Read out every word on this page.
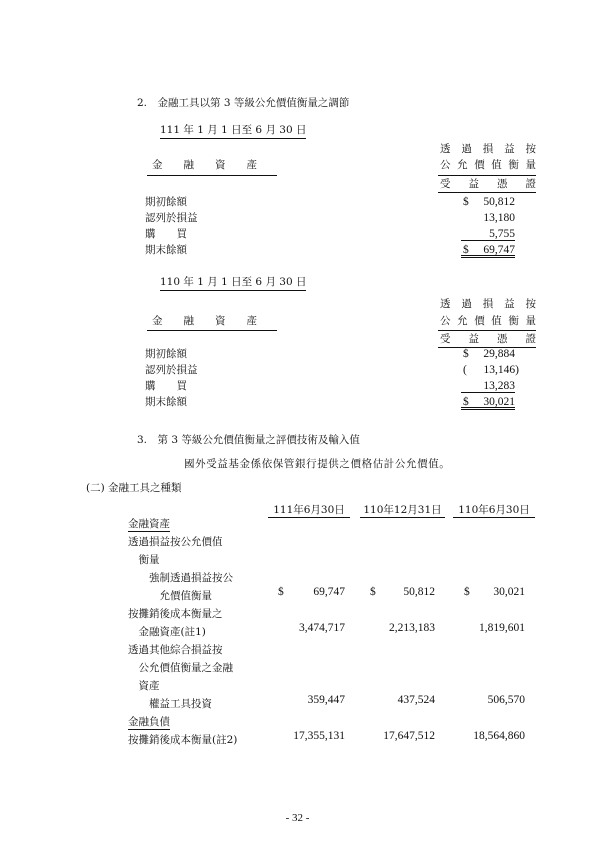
2.　金融工具以第 3 等級公允價值衡量之調節
111 年 1 月 1 日至 6 月 30 日
透 過 損 益 按
公允價值衡量
金　　融　　資　　產
受　益　憑　證
期初餘額	$	50,812
認列於損益	13,180
購　　買	5,755
期末餘額	$	69,747
110 年 1 月 1 日至 6 月 30 日
透 過 損 益 按
公允價值衡量
金　　融　　資　　產
受　益　憑　證
期初餘額	$	29,884
認列於損益	(	13,146)
購　　買	13,283
期末餘額	$	30,021
3.　第 3 等級公允價值衡量之評價技術及輸入值
國外受益基金係依保管銀行提供之價格估計公允價值。
(二) 金融工具之種類
111年6月30日	110年12月31日	110年6月30日
金融資產
透過損益按公允價值
　衡量
　　強制透過損益按公
　　　允價值衡量	$	69,747 $	50,812	$	30,021
按攤銷後成本衡量之
　金融資產(註1)	3,474,717	2,213,183	1,819,601
透過其他綜合損益按
　公允價值衡量之金融
　資產
　　權益工具投資	359,447	437,524	506,570
金融負債
按攤銷後成本衡量(註2)	17,355,131	17,647,512	18,564,860
- 32 -
